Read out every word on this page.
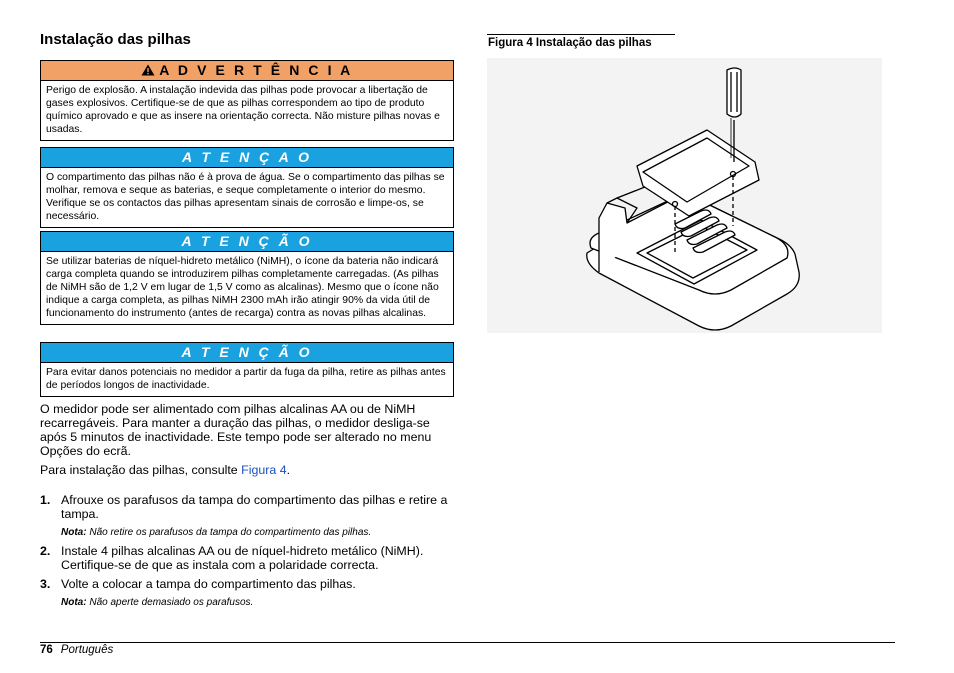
Instalação das pilhas
A D V E R T Ê N C I A
Perigo de explosão. A instalação indevida das pilhas pode provocar a libertação de gases explosivos. Certifique-se de que as pilhas correspondem ao tipo de produto químico aprovado e que as insere na orientação correcta. Não misture pilhas novas e usadas.
A T E N Ç A O
O compartimento das pilhas não é à prova de água. Se o compartimento das pilhas se molhar, remova e seque as baterias, e seque completamente o interior do mesmo. Verifique se os contactos das pilhas apresentam sinais de corrosão e limpe-os, se necessário.
A T E N Ç Ã O
Se utilizar baterias de níquel-hidreto metálico (NiMH), o ícone da bateria não indicará carga completa quando se introduzirem pilhas completamente carregadas. (As pilhas de NiMH são de 1,2 V em lugar de 1,5 V como as alcalinas). Mesmo que o ícone não indique a carga completa, as pilhas NiMH 2300 mAh irão atingir 90% da vida útil de funcionamento do instrumento (antes de recarga) contra as novas pilhas alcalinas.
A T E N Ç Ã O
Para evitar danos potenciais no medidor a partir da fuga da pilha, retire as pilhas antes de períodos longos de inactividade.

O medidor pode ser alimentado com pilhas alcalinas AA ou de NiMH recarregáveis. Para manter a duração das pilhas, o medidor desliga-se após 5 minutos de inactividade. Este tempo pode ser alterado no menu Opções do ecrã.

Para instalação das pilhas, consulte Figura 4.

1. Afrouxe os parafusos da tampa do compartimento das pilhas e retire a tampa.
Nota: Não retire os parafusos da tampa do compartimento das pilhas.
2. Instale 4 pilhas alcalinas AA ou de níquel-hidreto metálico (NiMH). Certifique-se de que as instala com a polaridade correcta.
3. Volte a colocar a tampa do compartimento das pilhas.
Nota: Não aperte demasiado os parafusos.
Figura 4 Instalação das pilhas
76 Português
